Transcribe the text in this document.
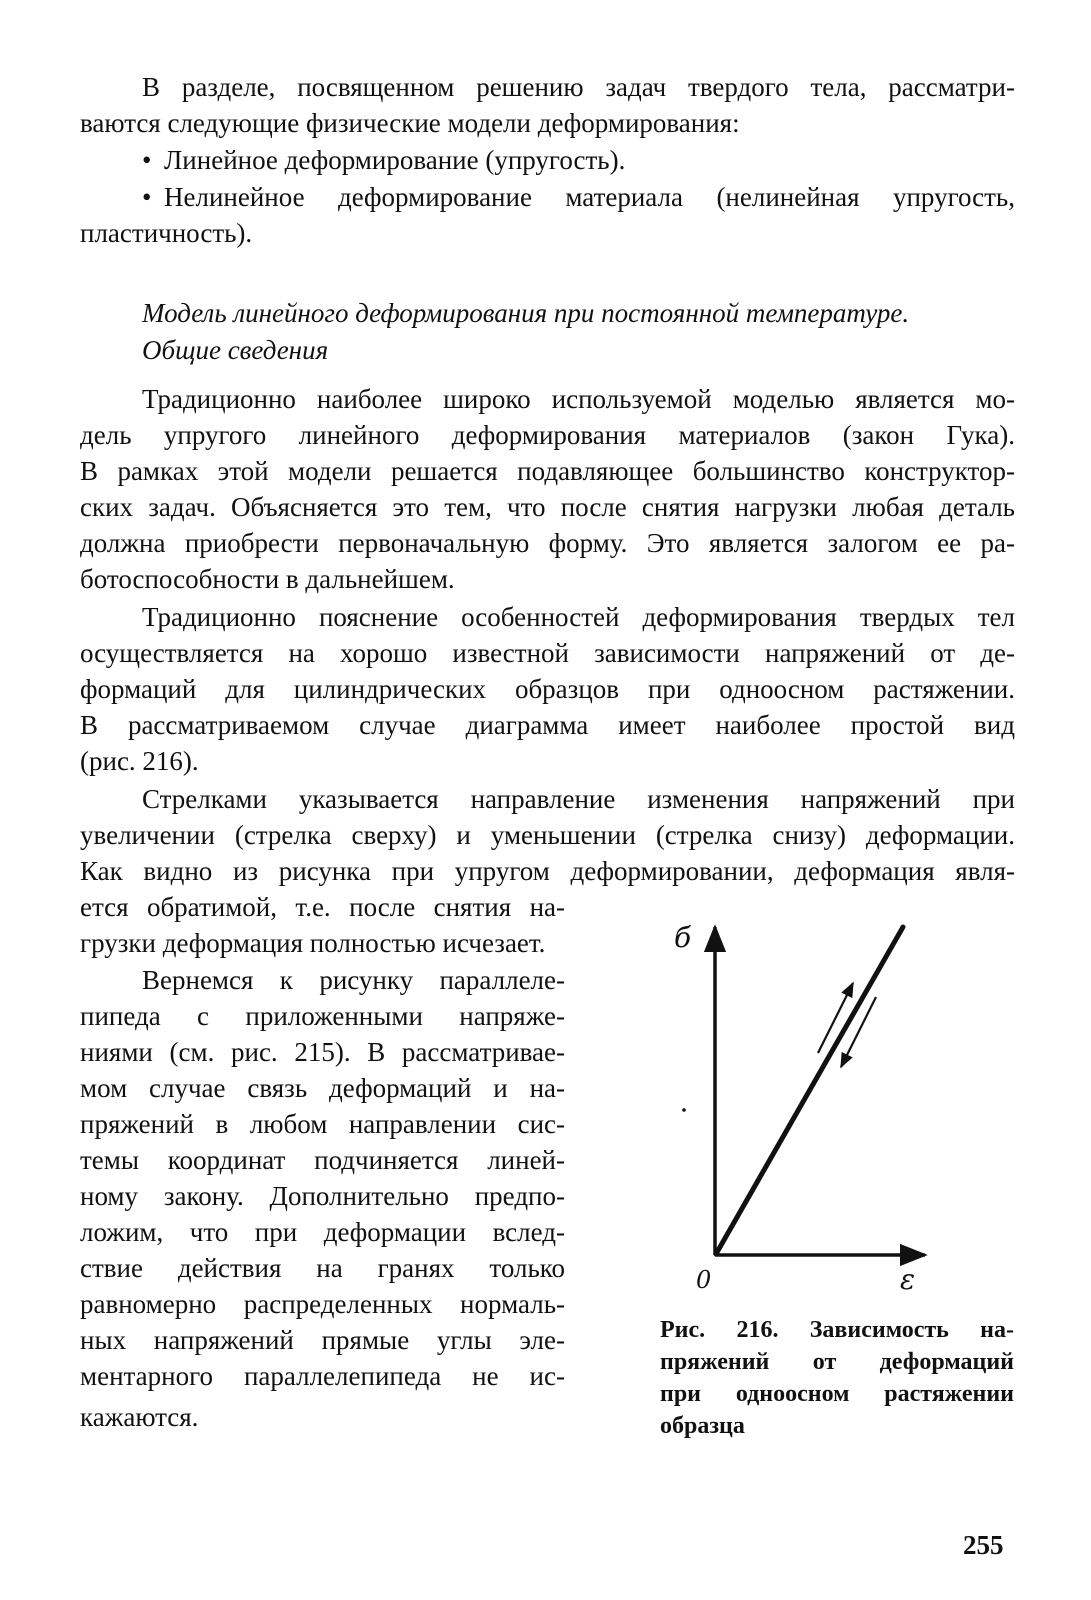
В разделе, посвященном решению задач твердого тела, рассматри-
ваются следующие физические модели деформирования:
• Линейное деформирование (упругость).
• Нелинейное деформирование материала (нелинейная упругость,
пластичность).
Модель линейного деформирования при постоянной температуре.
Общие сведения
Традиционно наиболее широко используемой моделью является мо-
дель упругого линейного деформирования материалов (закон Гука).
В рамках этой модели решается подавляющее большинство конструктор-
ских задач. Объясняется это тем, что после снятия нагрузки любая деталь
должна приобрести первоначальную форму. Это является залогом ее ра-
ботоспособности в дальнейшем.
Традиционно пояснение особенностей деформирования твердых тел
осуществляется на хорошо известной зависимости напряжений от де-
формаций для цилиндрических образцов при одноосном растяжении.
В рассматриваемом случае диаграмма имеет наиболее простой вид
(рис. 216).
Стрелками указывается направление изменения напряжений при
увеличении (стрелка сверху) и уменьшении (стрелка снизу) деформации.
Как видно из рисунка при упругом деформировании, деформация явля-
ется обратимой, т.е. после снятия на-
грузки деформация полностью исчезает.
Вернемся к рисунку параллеле-
пипеда с приложенными напряже-
ниями (см. рис. 215). В рассматривае-
мом случае связь деформаций и на-
пряжений в любом направлении сис-
темы координат подчиняется линей-
ному закону. Дополнительно предпо-
ложим, что при деформации вслед-
ствие действия на гранях только
равномерно распределенных нормаль-
ных напряжений прямые углы эле-
ментарного параллелепипеда не ис-
кажаются.
б
0	ε
Рис. 216. Зависимость на-
пряжений от деформаций
при одноосном растяжении
образца
255
